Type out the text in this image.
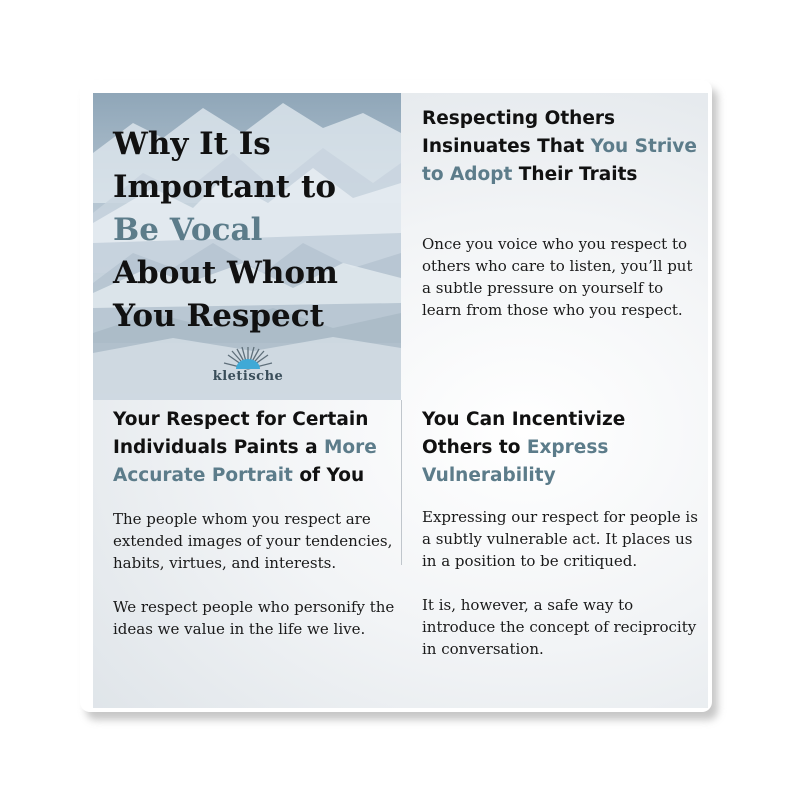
Why It Is
Important to
Be Vocal
About Whom
You Respect
kletische
Respecting Others Insinuates That You Strive to Adopt Their Traits

Once you voice who you respect to others who care to listen, you’ll put a subtle pressure on yourself to learn from those who you respect.

Your Respect for Certain Individuals Paints a More Accurate Portrait of You

The people whom you respect are extended images of your tendencies, habits, virtues, and interests.

We respect people who personify the ideas we value in the life we live.

You Can Incentivize Others to Express Vulnerability

Expressing our respect for people is a subtly vulnerable act. It places us in a position to be critiqued.

It is, however, a safe way to introduce the concept of reciprocity in conversation.
